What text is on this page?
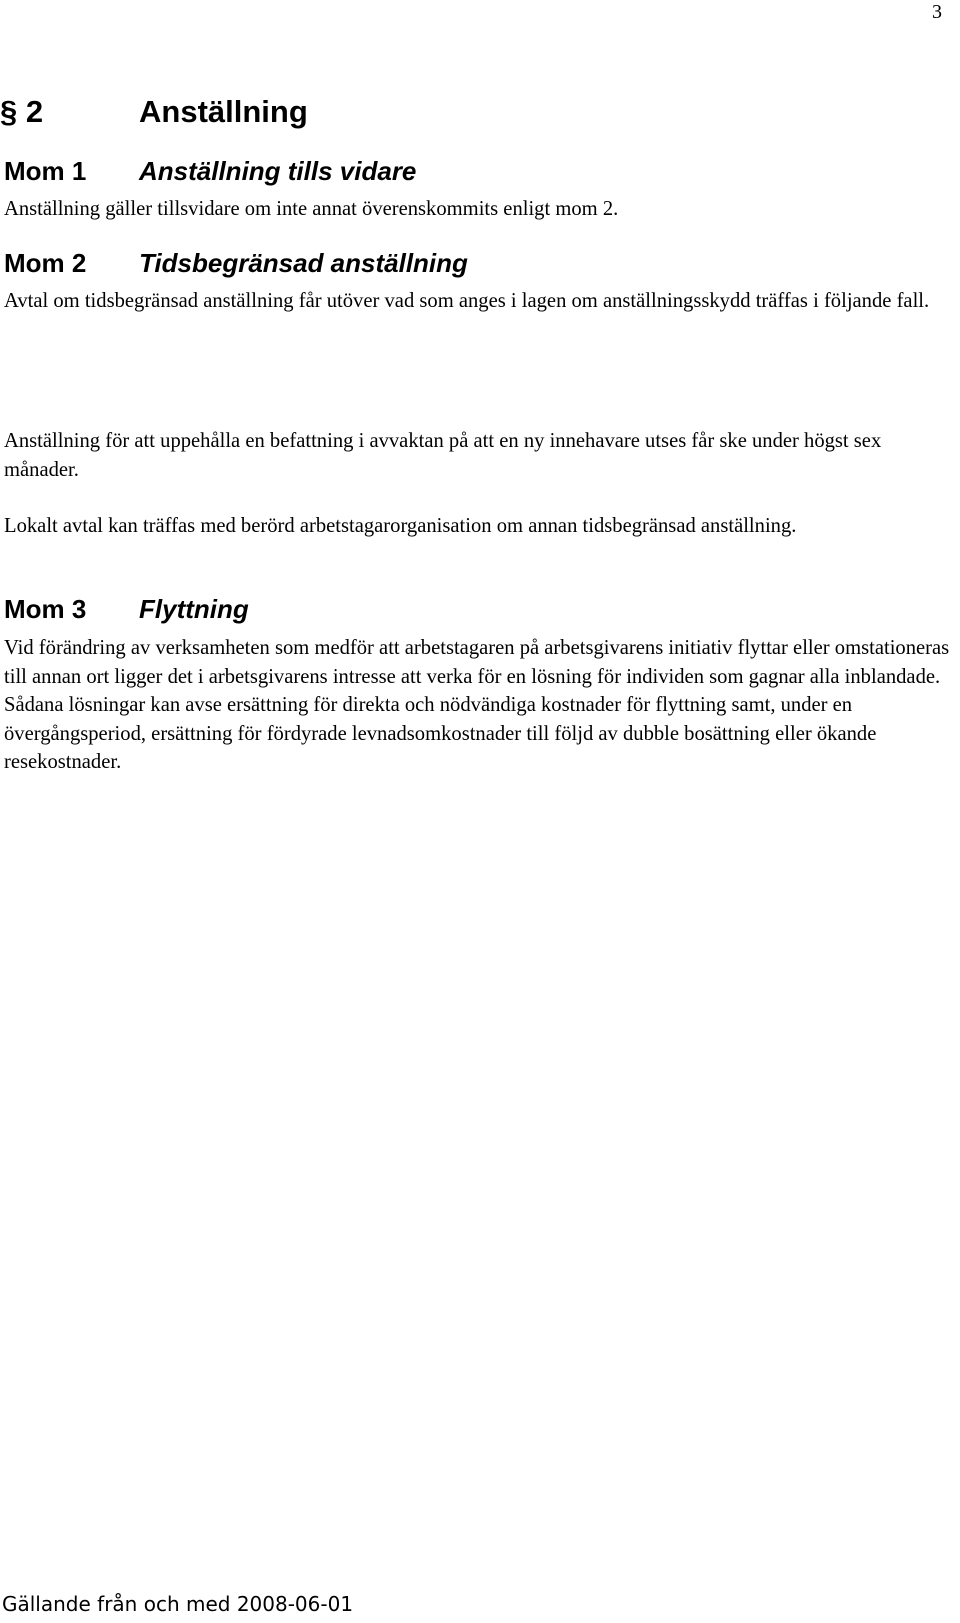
3
§ 2	Anställning
Mom 1 Anställning tills vidare

Anställning gäller tillsvidare om inte annat överenskommits enligt mom 2.

Mom 2 Tidsbegränsad anställning

Avtal om tidsbegränsad anställning får utöver vad som anges i lagen om anställningsskydd träffas i följande fall.

Anställning för att uppehålla en befattning i avvaktan på att en ny innehavare utses får ske under högst sex månader.

Lokalt avtal kan träffas med berörd arbetstagarorganisation om annan tidsbegränsad anställning.

Mom 3 Flyttning

Vid förändring av verksamheten som medför att arbetstagaren på arbetsgivarens initiativ flyttar eller omstationeras till annan ort ligger det i arbetsgivarens intresse att verka för en lösning för individen som gagnar alla inblandade. Sådana lösningar kan avse ersättning för direkta och nödvändiga kostnader för flyttning samt, under en övergångsperiod, ersättning för fördyrade levnadsomkostnader till följd av dubble bosättning eller ökande resekostnader.

Gällande från och med 2008-06-01
